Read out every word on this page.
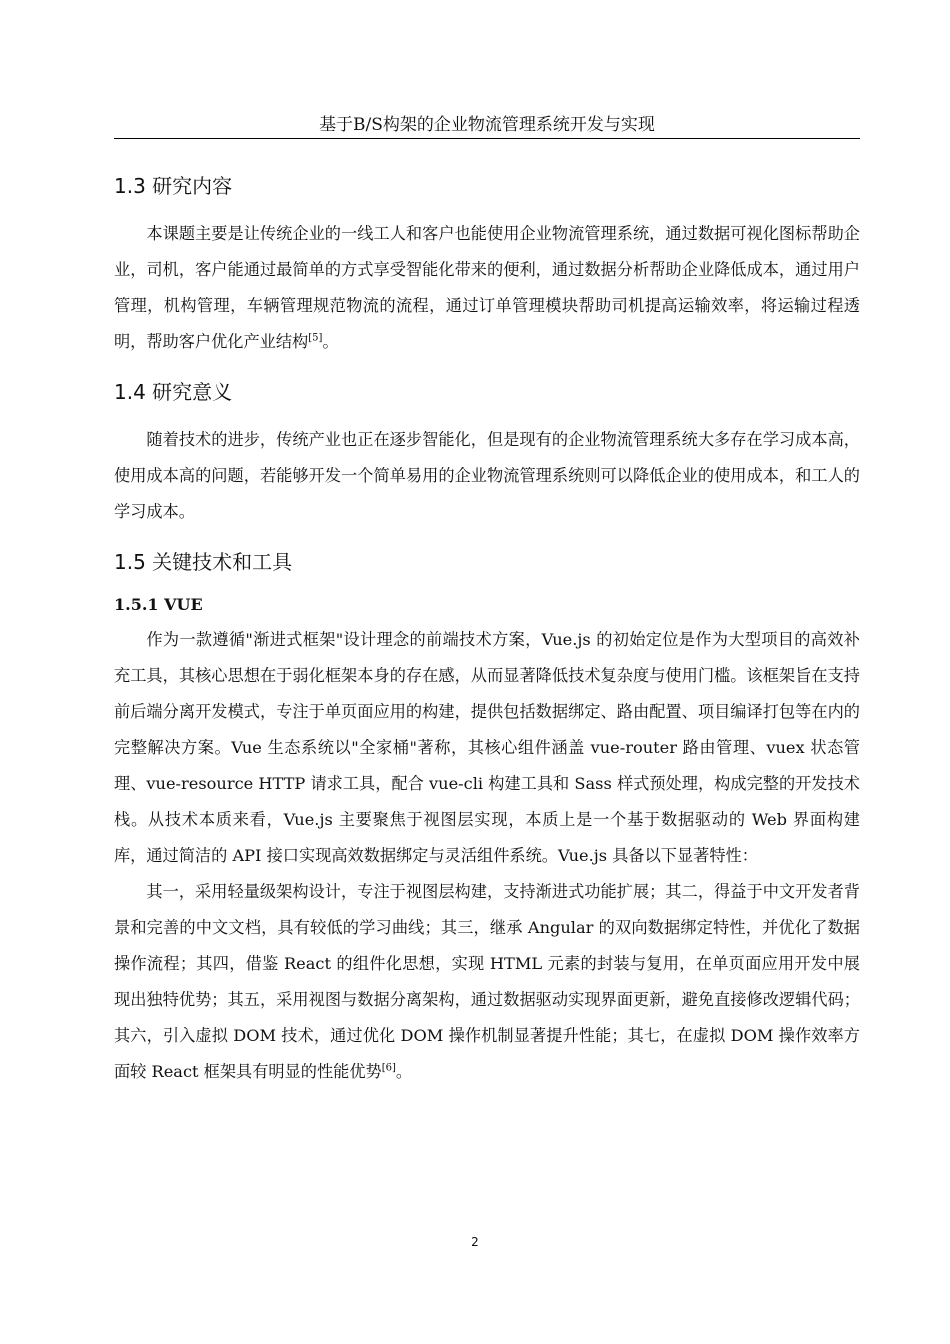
基于B/S构架的企业物流管理系统开发与实现
1.3 研究内容

本课题主要是让传统企业的一线工人和客户也能使用企业物流管理系统，通过数据可视化图标帮助企业，司机，客户能通过最简单的方式享受智能化带来的便利，通过数据分析帮助企业降低成本，通过用户管理，机构管理，车辆管理规范物流的流程，通过订单管理模块帮助司机提高运输效率，将运输过程透明，帮助客户优化产业结构[5]。

1.4 研究意义

随着技术的进步，传统产业也正在逐步智能化，但是现有的企业物流管理系统大多存在学习成本高，使用成本高的问题，若能够开发一个简单易用的企业物流管理系统则可以降低企业的使用成本，和工人的学习成本。

1.5 关键技术和工具
1.5.1 VUE

作为一款遵循"渐进式框架"设计理念的前端技术方案，Vue.js 的初始定位是作为大型项目的高效补充工具，其核心思想在于弱化框架本身的存在感，从而显著降低技术复杂度与使用门槛。该框架旨在支持前后端分离开发模式，专注于单页面应用的构建，提供包括数据绑定、路由配置、项目编译打包等在内的完整解决方案。Vue 生态系统以"全家桶"著称，其核心组件涵盖 vue-router 路由管理、vuex 状态管理、vue-resource HTTP 请求工具，配合 vue-cli 构建工具和 Sass 样式预处理，构成完整的开发技术栈。从技术本质来看，Vue.js 主要聚焦于视图层实现，本质上是一个基于数据驱动的 Web 界面构建库，通过简洁的 API 接口实现高效数据绑定与灵活组件系统。Vue.js 具备以下显著特性：

其一，采用轻量级架构设计，专注于视图层构建，支持渐进式功能扩展；其二，得益于中文开发者背景和完善的中文文档，具有较低的学习曲线；其三，继承 Angular 的双向数据绑定特性，并优化了数据操作流程；其四，借鉴 React 的组件化思想，实现 HTML 元素的封装与复用，在单页面应用开发中展现出独特优势；其五，采用视图与数据分离架构，通过数据驱动实现界面更新，避免直接修改逻辑代码；其六，引入虚拟 DOM 技术，通过优化 DOM 操作机制显著提升性能；其七，在虚拟 DOM 操作效率方面较 React 框架具有明显的性能优势[6]。

2
